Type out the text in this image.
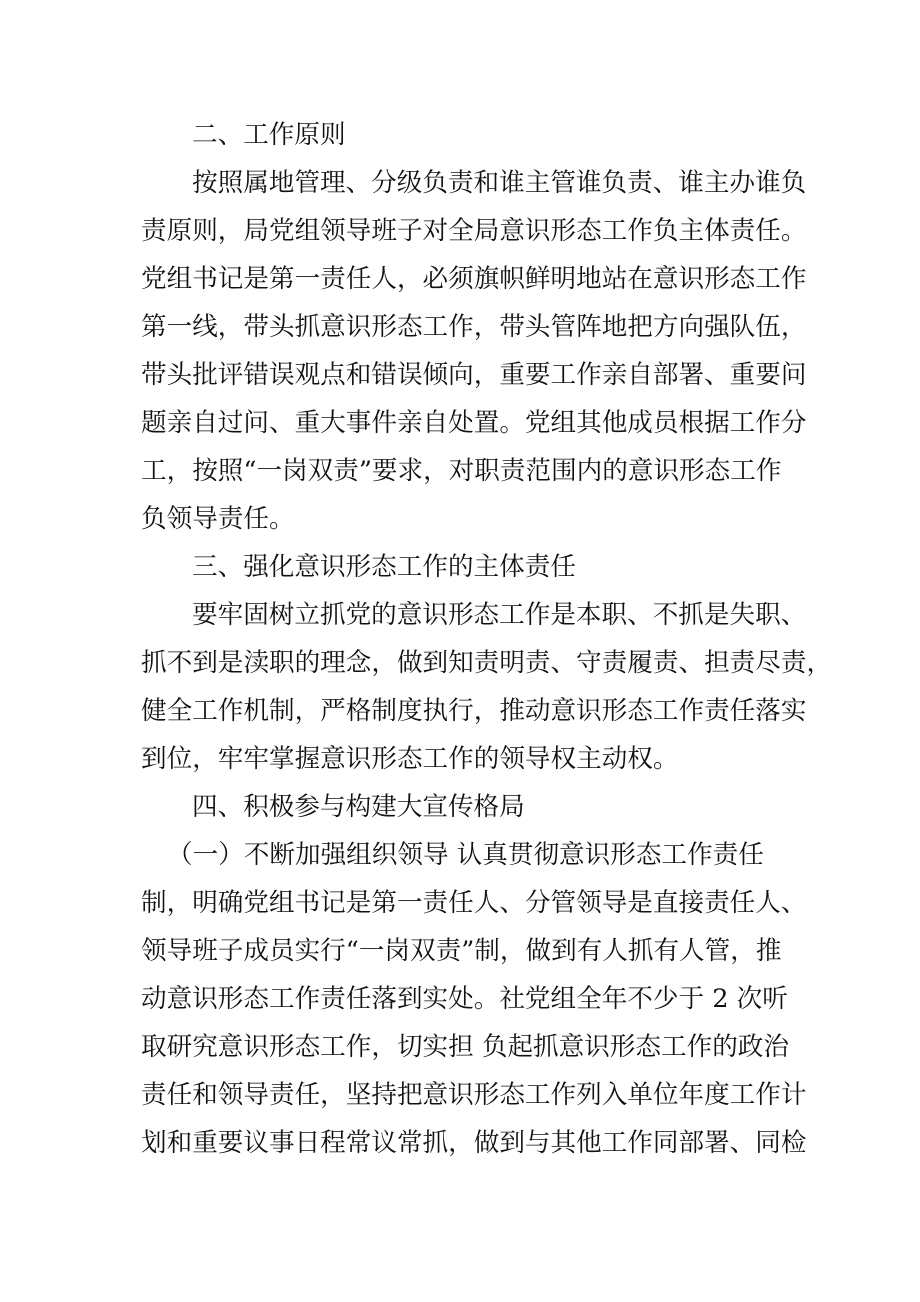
二、工作原则
按照属地管理、分级负责和谁主管谁负责、谁主办谁负
责原则，局党组领导班子对全局意识形态工作负主体责任。
党组书记是第一责任人，必须旗帜鲜明地站在意识形态工作
第一线，带头抓意识形态工作，带头管阵地把方向强队伍，
带头批评错误观点和错误倾向，重要工作亲自部署、重要问
题亲自过问、重大事件亲自处置。党组其他成员根据工作分
工，按照“一岗双责”要求，对职责范围内的意识形态工作
负领导责任。
三、强化意识形态工作的主体责任
要牢固树立抓党的意识形态工作是本职、不抓是失职、
抓不到是渎职的理念，做到知责明责、守责履责、担责尽责，
健全工作机制，严格制度执行，推动意识形态工作责任落实
到位，牢牢掌握意识形态工作的领导权主动权。
四、积极参与构建大宣传格局
（一）不断加强组织领导 认真贯彻意识形态工作责任
制，明确党组书记是第一责任人、分管领导是直接责任人、
领导班子成员实行“一岗双责”制，做到有人抓有人管，推
动意识形态工作责任落到实处。社党组全年不少于 2 次听
取研究意识形态工作，切实担 负起抓意识形态工作的政治
责任和领导责任，坚持把意识形态工作列入单位年度工作计
划和重要议事日程常议常抓，做到与其他工作同部署、同检
